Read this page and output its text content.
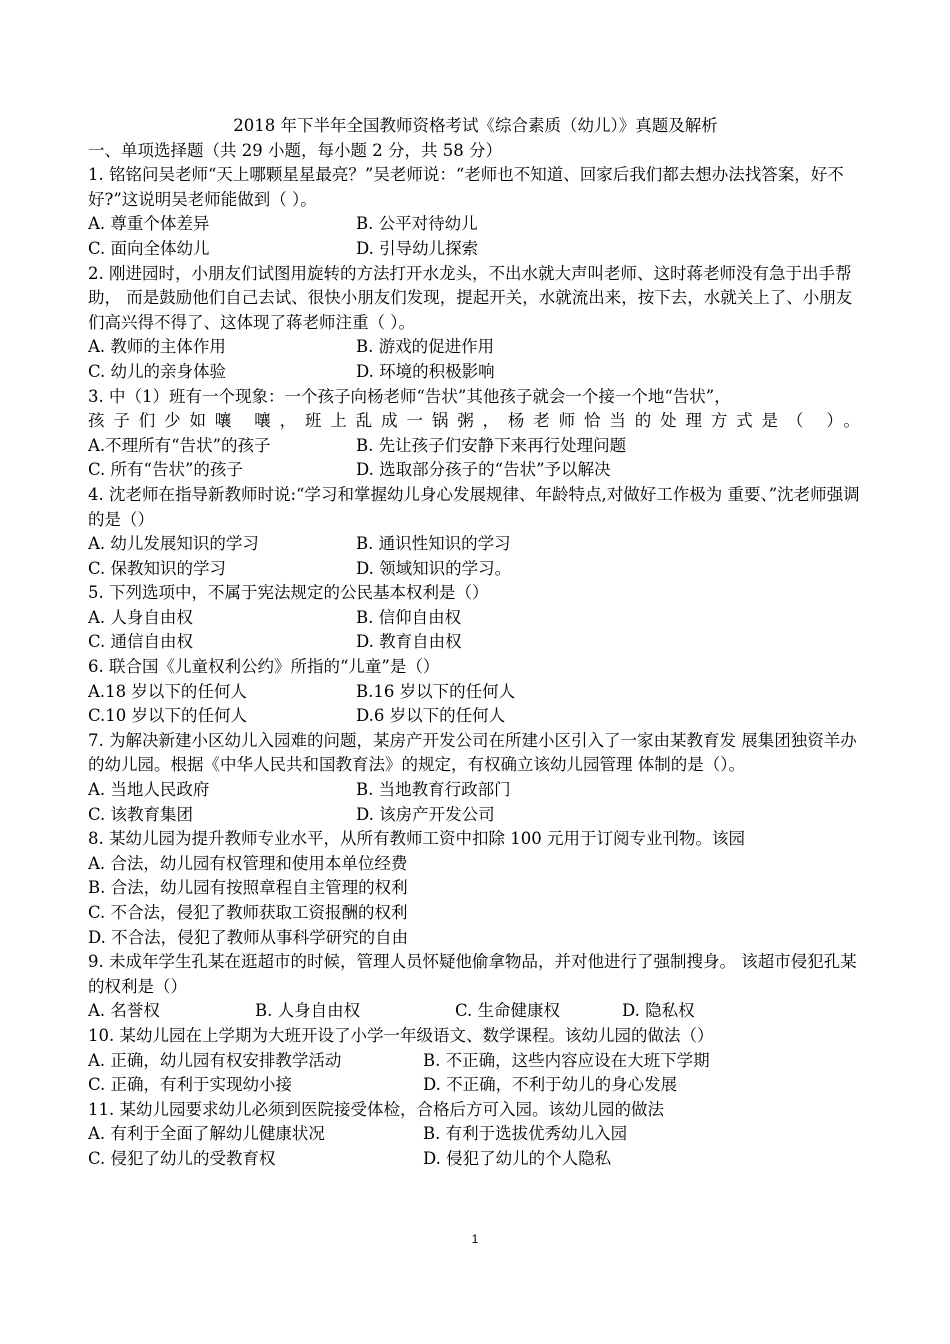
2018 年下半年全国教师资格考试《综合素质（幼儿）》真题及解析

一、单项选择题（共 29 小题，每小题 2 分，共 58 分）

1. 铭铭问吴老师“天上哪颗星星最亮？”吴老师说：“老师也不知道、回家后我们都去想办法找答案，好不 好?”这说明吴老师能做到（ ）。

A. 尊重个体差异	B. 公平对待幼儿
C. 面向全体幼儿	D. 引导幼儿探索

2. 刚进园时，小朋友们试图用旋转的方法打开水龙头，不出水就大声叫老师、这时蒋老师没有急于出手帮助， 而是鼓励他们自己去试、很快小朋友们发现，提起开关，水就流出来，按下去，水就关上了、小朋友们高兴得不得了、这体现了蒋老师注重（ ）。

A. 教师的主体作用	B. 游戏的促进作用
C. 幼儿的亲身体验	D. 环境的积极影响

3. 中（1）班有一个现象：一个孩子向杨老师“告状”其他孩子就会一个接一个地“告状”，

孩子们少如嚷 嚷，班上乱成一锅粥，杨老师恰当的处理方式是（ ）。

A.不理所有“告状”的孩子	B. 先让孩子们安静下来再行处理问题
C. 所有“告状”的孩子	D. 选取部分孩子的“告状”予以解决

4. 沈老师在指导新教师时说:“学习和掌握幼儿身心发展规律、年龄特点,对做好工作极为 重要、”沈老师强调的是（）

A. 幼儿发展知识的学习	B. 通识性知识的学习
C. 保教知识的学习	D. 领域知识的学习。

5. 下列选项中，不属于宪法规定的公民基本权利是（）

A. 人身自由权	B. 信仰自由权
C. 通信自由权	D. 教育自由权

6. 联合国《儿童权利公约》所指的“儿童”是（）

A.18 岁以下的任何人	B.16 岁以下的任何人
C.10 岁以下的任何人	D.6 岁以下的任何人

7. 为解决新建小区幼儿入园难的问题，某房产开发公司在所建小区引入了一家由某教育发 展集团独资羊办的幼儿园。根据《中华人民共和国教育法》的规定，有权确立该幼儿园管理 体制的是（）。

A. 当地人民政府	B. 当地教育行政部门
C. 该教育集团	D. 该房产开发公司

8. 某幼儿园为提升教师专业水平，从所有教师工资中扣除 100 元用于订阅专业刊物。该园

A. 合法，幼儿园有权管理和使用本单位经费
B. 合法，幼儿园有按照章程自主管理的权利
C. 不合法，侵犯了教师获取工资报酬的权利
D. 不合法，侵犯了教师从事科学研究的自由

9. 未成年学生孔某在逛超市的时候，管理人员怀疑他偷拿物品，并对他进行了强制搜身。 该超市侵犯孔某的权利是（）

A. 名誉权	B. 人身自由权	C. 生命健康权	D. 隐私权

10. 某幼儿园在上学期为大班开设了小学一年级语文、数学课程。该幼儿园的做法（）

A. 正确，幼儿园有权安排教学活动	B. 不正确，这些内容应设在大班下学期
C. 正确，有利于实现幼小接	D. 不正确，不利于幼儿的身心发展

11. 某幼儿园要求幼儿必须到医院接受体检，合格后方可入园。该幼儿园的做法

A. 有利于全面了解幼儿健康状况	B. 有利于选拔优秀幼儿入园
C. 侵犯了幼儿的受教育权	D. 侵犯了幼儿的个人隐私
1
